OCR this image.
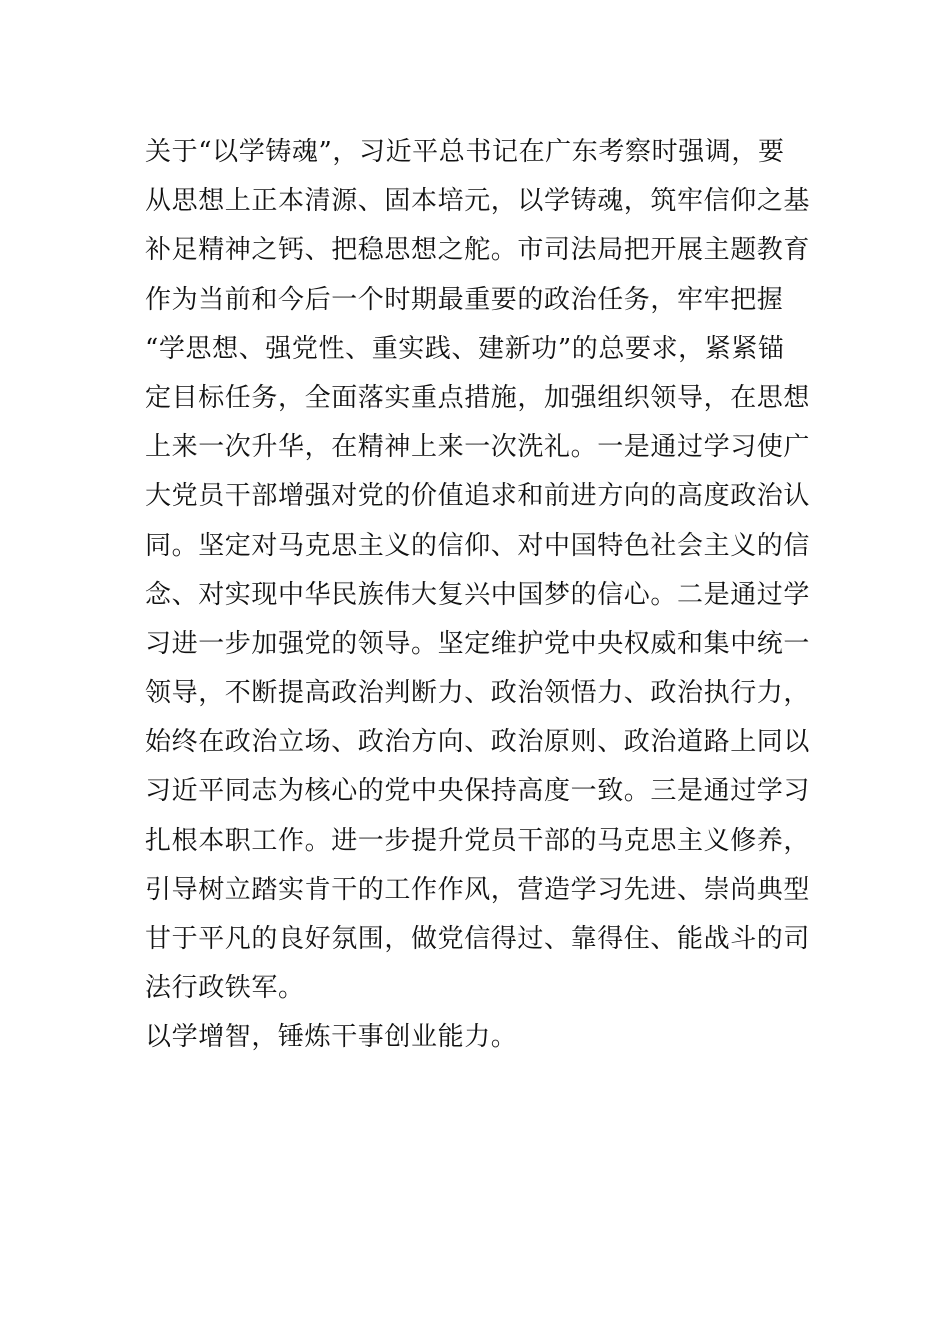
关于“以学铸魂”，习近平总书记在广东考察时强调，要
从思想上正本清源、固本培元，以学铸魂，筑牢信仰之基
补足精神之钙、把稳思想之舵。市司法局把开展主题教育
作为当前和今后一个时期最重要的政治任务，牢牢把握
“学思想、强党性、重实践、建新功”的总要求，紧紧锚
定目标任务，全面落实重点措施，加强组织领导，在思想
上来一次升华，在精神上来一次洗礼。一是通过学习使广
大党员干部增强对党的价值追求和前进方向的高度政治认
同。坚定对马克思主义的信仰、对中国特色社会主义的信
念、对实现中华民族伟大复兴中国梦的信心。二是通过学
习进一步加强党的领导。坚定维护党中央权威和集中统一
领导，不断提高政治判断力、政治领悟力、政治执行力，
始终在政治立场、政治方向、政治原则、政治道路上同以
习近平同志为核心的党中央保持高度一致。三是通过学习
扎根本职工作。进一步提升党员干部的马克思主义修养，
引导树立踏实肯干的工作作风，营造学习先进、崇尚典型
甘于平凡的良好氛围，做党信得过、靠得住、能战斗的司
法行政铁军。
以学增智，锤炼干事创业能力。
